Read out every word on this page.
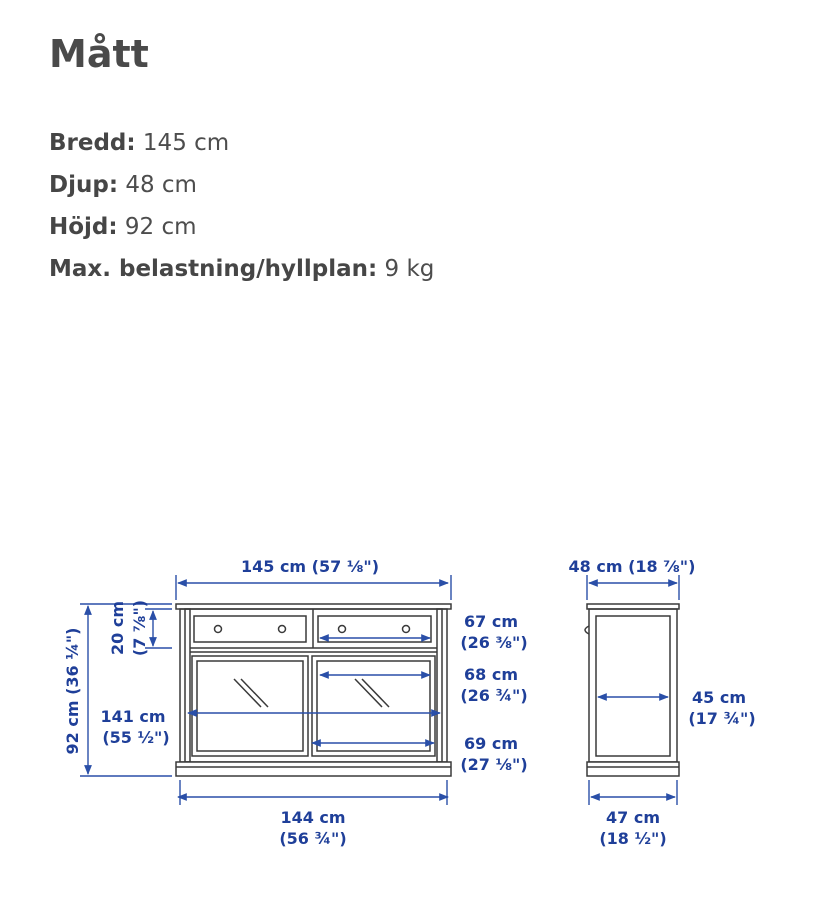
Mått
Bredd: 145 cm
Djup: 48 cm
Höjd: 92 cm
Max. belastning/hyllplan: 9 kg
145 cm (57 ⅛")	48 cm (18 ⅞")
92 cm (36 ¼") 20 cm (7 ⅞")	67 cm
(26 ⅜")
68 cm
(26 ¾")
141 cm
(55 ½")	69 cm
(27 ⅛")
144 cm
(56 ¾")
45 cm
(17 ¾")
47 cm
(18 ½")
